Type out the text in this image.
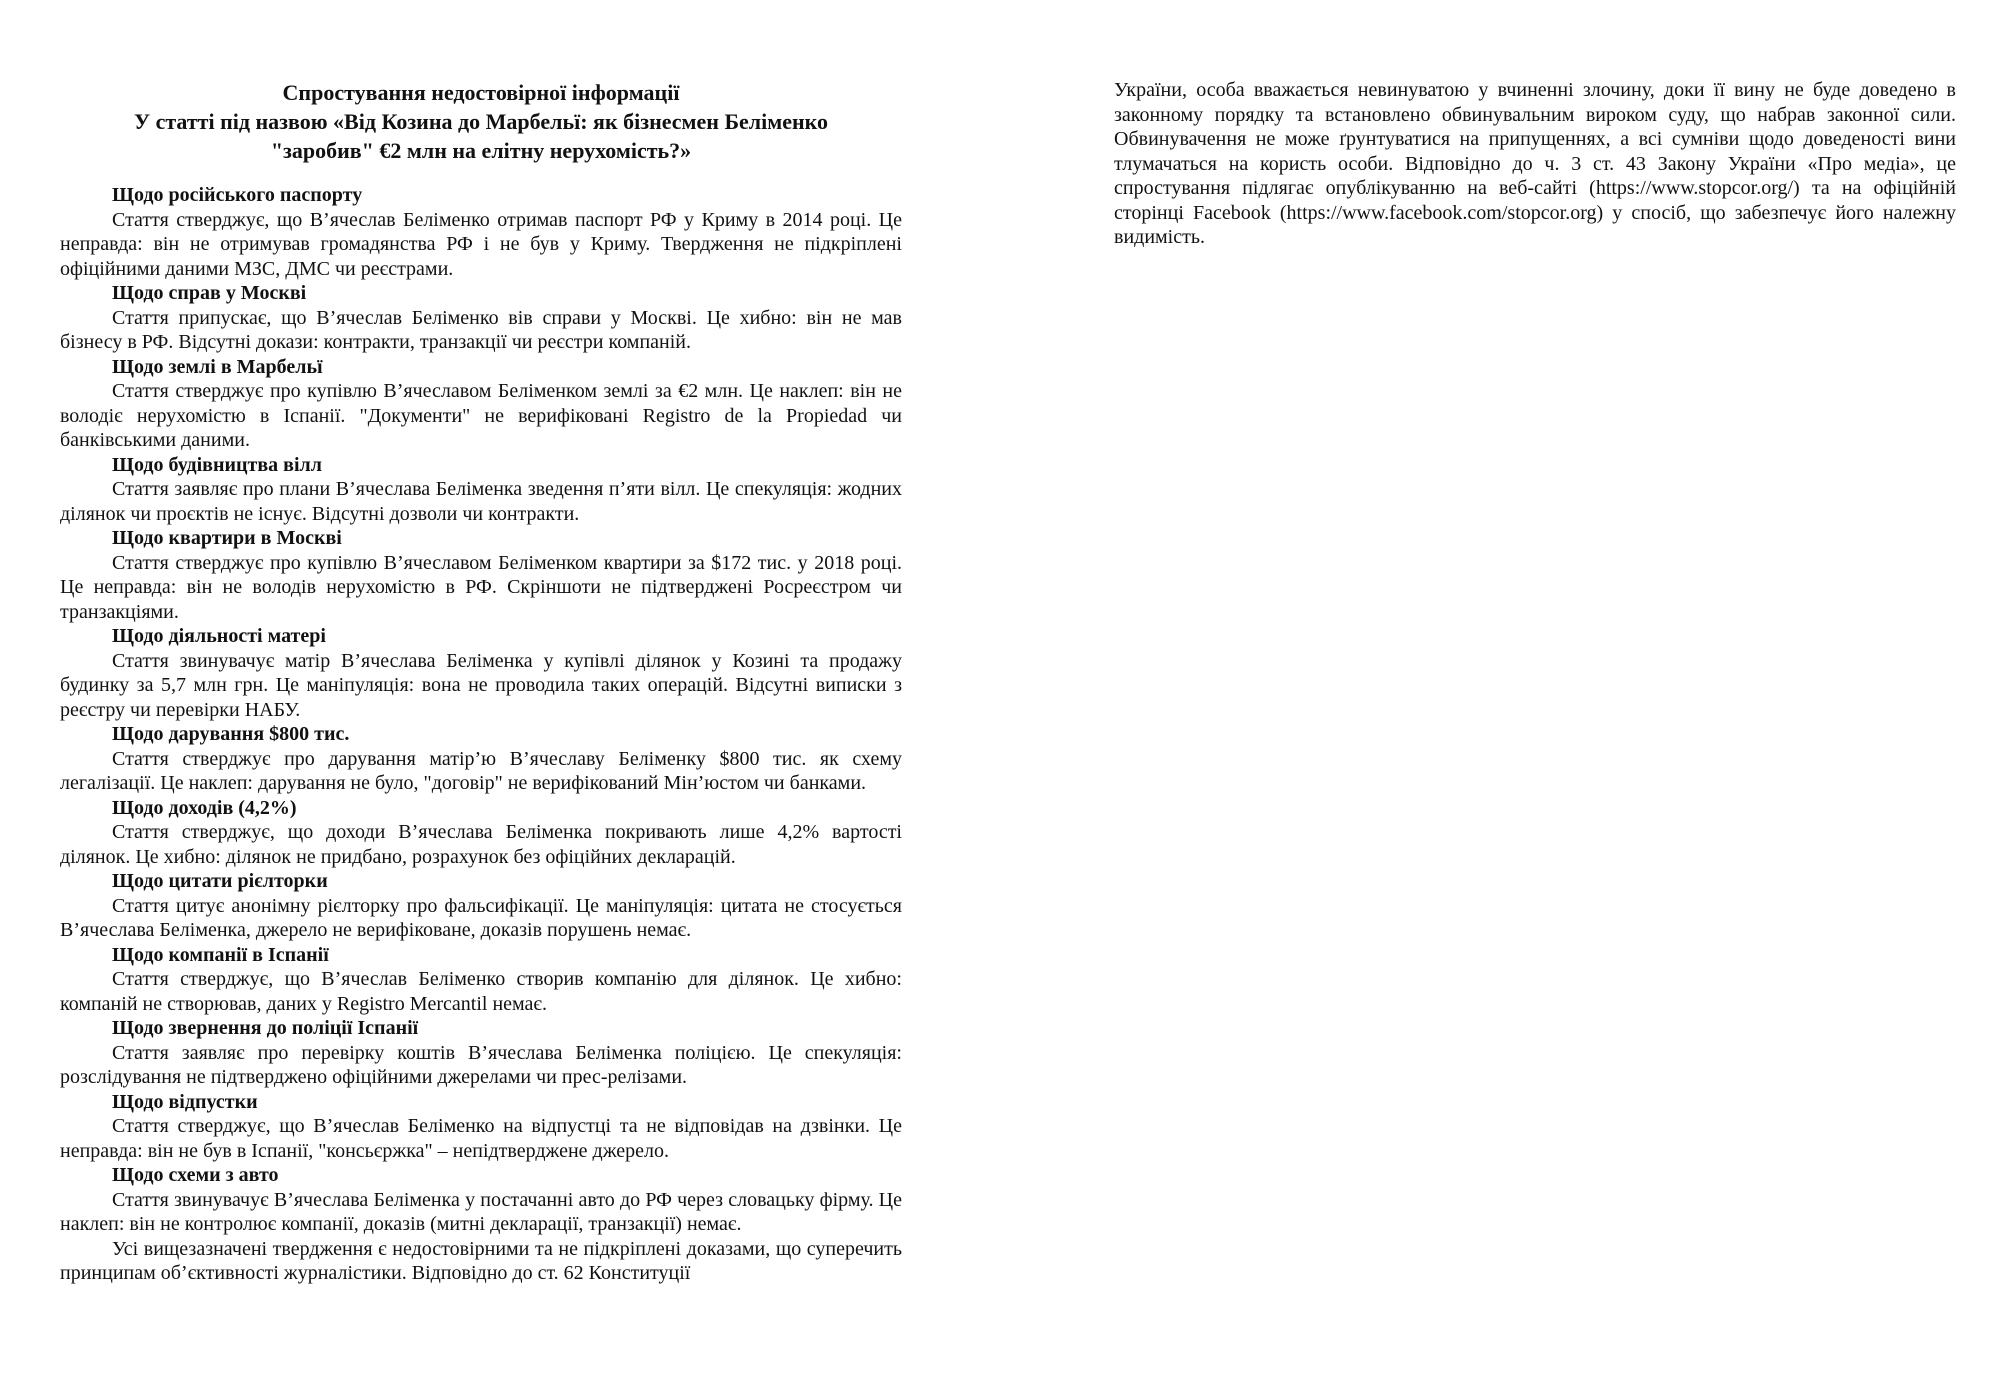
Спростування недостовірної інформації
У статті під назвою «Від Козина до Марбельї: як бізнесмен Беліменко
"заробив" €2 млн на елітну нерухомість?»

Щодо російського паспорту

Стаття стверджує, що В’ячеслав Беліменко отримав паспорт РФ у Криму в 2014 році. Це неправда: він не отримував громадянства РФ і не був у Криму. Твердження не підкріплені офіційними даними МЗС, ДМС чи реєстрами.

Щодо справ у Москві

Стаття припускає, що В’ячеслав Беліменко вів справи у Москві. Це хибно: він не мав бізнесу в РФ. Відсутні докази: контракти, транзакції чи реєстри компаній.

Щодо землі в Марбельї

Стаття стверджує про купівлю В’ячеславом Беліменком землі за €2 млн. Це наклеп: він не володіє нерухомістю в Іспанії. "Документи" не верифіковані Registro de la Propiedad чи банківськими даними.

Щодо будівництва вілл

Стаття заявляє про плани В’ячеслава Беліменка зведення п’яти вілл. Це спекуляція: жодних ділянок чи проєктів не існує. Відсутні дозволи чи контракти.

Щодо квартири в Москві

Стаття стверджує про купівлю В’ячеславом Беліменком квартири за $172 тис. у 2018 році. Це неправда: він не володів нерухомістю в РФ. Скріншоти не підтверджені Росреєстром чи транзакціями.

Щодо діяльності матері

Стаття звинувачує матір В’ячеслава Беліменка у купівлі ділянок у Козині та продажу будинку за 5,7 млн грн. Це маніпуляція: вона не проводила таких операцій. Відсутні виписки з реєстру чи перевірки НАБУ.

Щодо дарування $800 тис.

Стаття стверджує про дарування матір’ю В’ячеславу Беліменку $800 тис. як схему легалізації. Це наклеп: дарування не було, "договір" не верифікований Мін’юстом чи банками.

Щодо доходів (4,2%)

Стаття стверджує, що доходи В’ячеслава Беліменка покривають лише 4,2% вартості ділянок. Це хибно: ділянок не придбано, розрахунок без офіційних декларацій.

Щодо цитати рієлторки

Стаття цитує анонімну рієлторку про фальсифікації. Це маніпуляція: цитата не стосується В’ячеслава Беліменка, джерело не верифіковане, доказів порушень немає.

Щодо компанії в Іспанії

Стаття стверджує, що В’ячеслав Беліменко створив компанію для ділянок. Це хибно: компаній не створював, даних у Registro Mercantil немає.

Щодо звернення до поліції Іспанії

Стаття заявляє про перевірку коштів В’ячеслава Беліменка поліцією. Це спекуляція: розслідування не підтверджено офіційними джерелами чи прес-релізами.

Щодо відпустки

Стаття стверджує, що В’ячеслав Беліменко на відпустці та не відповідав на дзвінки. Це неправда: він не був в Іспанії, "консьєржка" – непідтверджене джерело.

Щодо схеми з авто

Стаття звинувачує В’ячеслава Беліменка у постачанні авто до РФ через словацьку фірму. Це наклеп: він не контролює компанії, доказів (митні декларації, транзакції) немає.

Усі вищезазначені твердження є недостовірними та не підкріплені доказами, що суперечить принципам об’єктивності журналістики. Відповідно до ст. 62 Конституції

України, особа вважається невинуватою у вчиненні злочину, доки її вину не буде доведено в законному порядку та встановлено обвинувальним вироком суду, що набрав законної сили. Обвинувачення не може ґрунтуватися на припущеннях, а всі сумніви щодо доведеності вини тлумачаться на користь особи. Відповідно до ч. 3 ст. 43 Закону України «Про медіа», це спростування підлягає опублікуванню на веб-сайті (https://www.stopcor.org/) та на офіційній сторінці Facebook (https://www.facebook.com/stopcor.org) у спосіб, що забезпечує його належну видимість.
